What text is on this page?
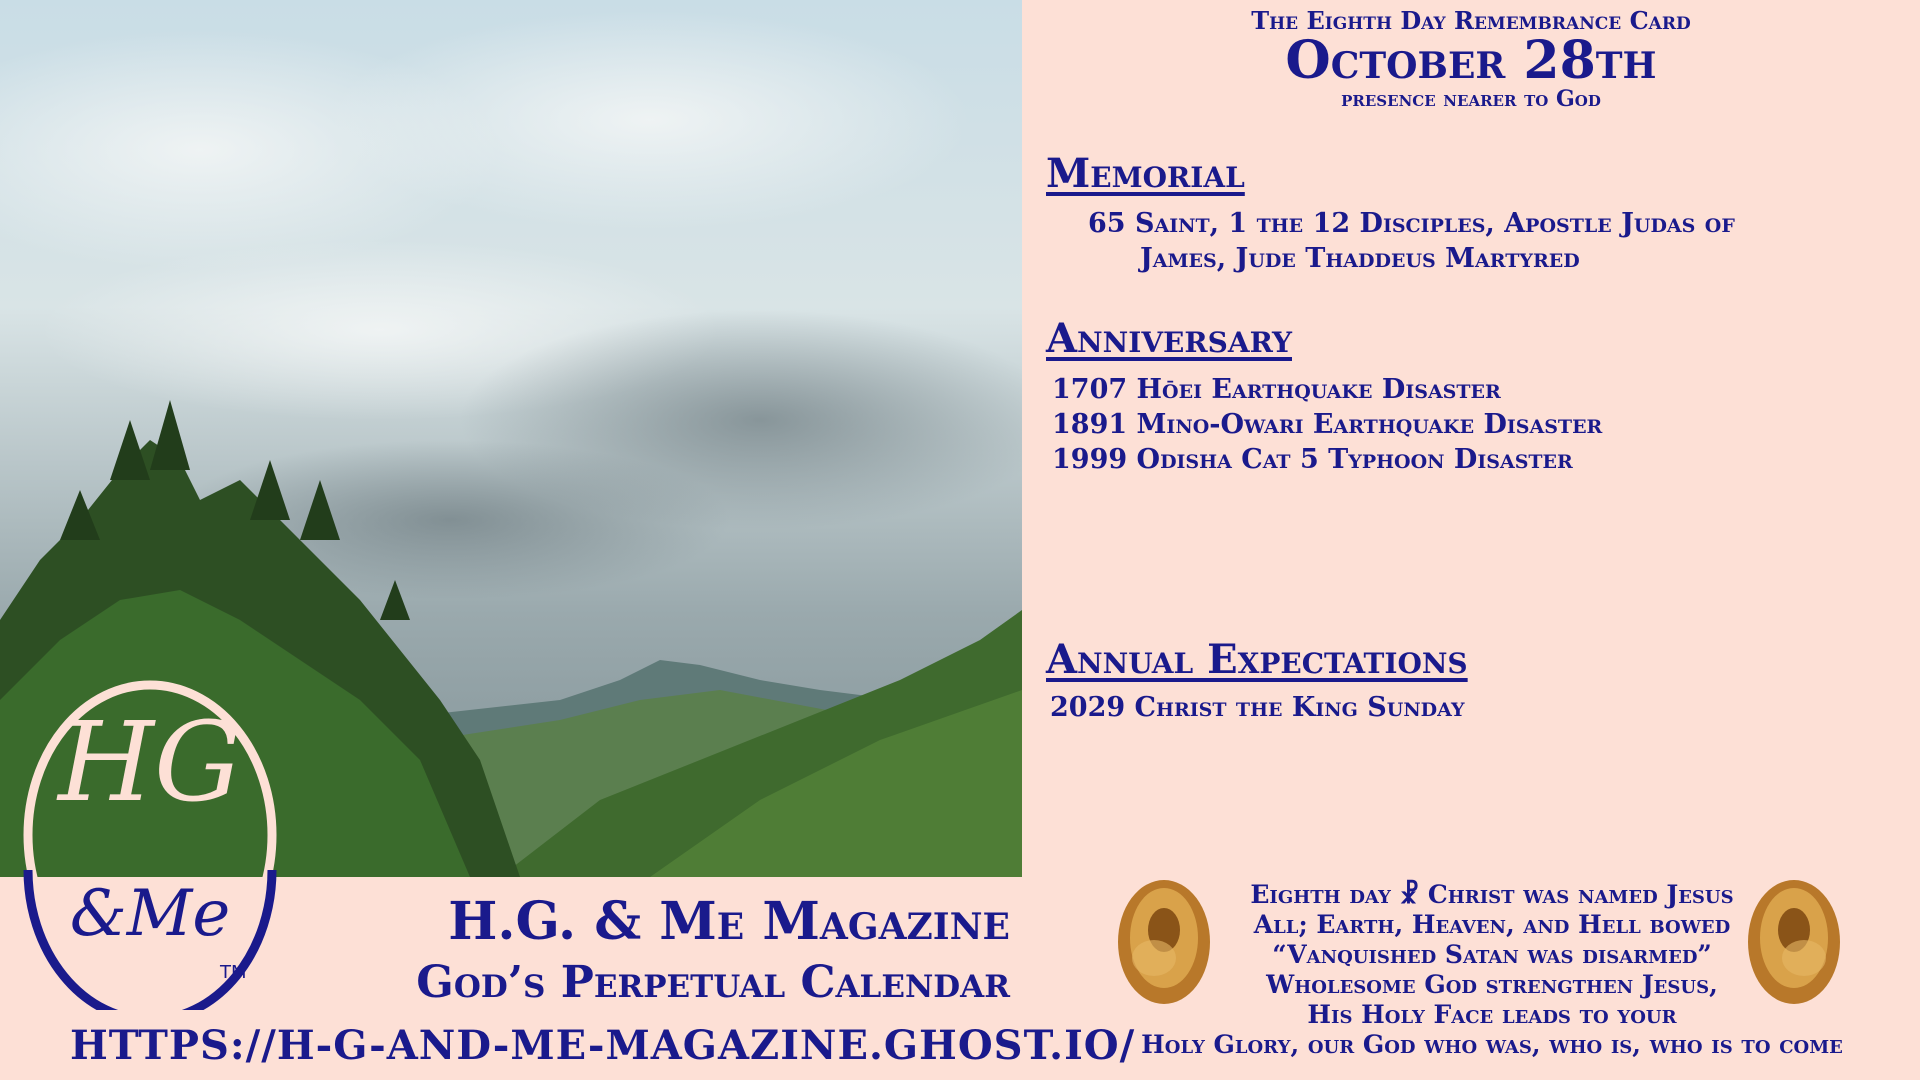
H.G. & Me Magazine
God’s Perpetual Calendar
HTTPS://H-G-AND-ME-MAGAZINE.GHOST.IO/
HG
&Me
TM
The Eighth Day Remembrance Card
October 28th
presence nearer to God
Memorial
65 Saint, 1 the 12 Disciples, Apostle Judas of
James, Jude Thaddeus Martyred
Anniversary
1707 Hōei Earthquake Disaster
1891 Mino-Owari Earthquake Disaster
1999 Odisha Cat 5 Typhoon Disaster
Annual Expectations
2029 Christ the King Sunday
Eighth day ☧ Christ was named Jesus
All; Earth, Heaven, and Hell bowed
“Vanquished Satan was disarmed”
Wholesome God strengthen Jesus,
His Holy Face leads to your
Holy Glory, our God who was, who is, who is to come
